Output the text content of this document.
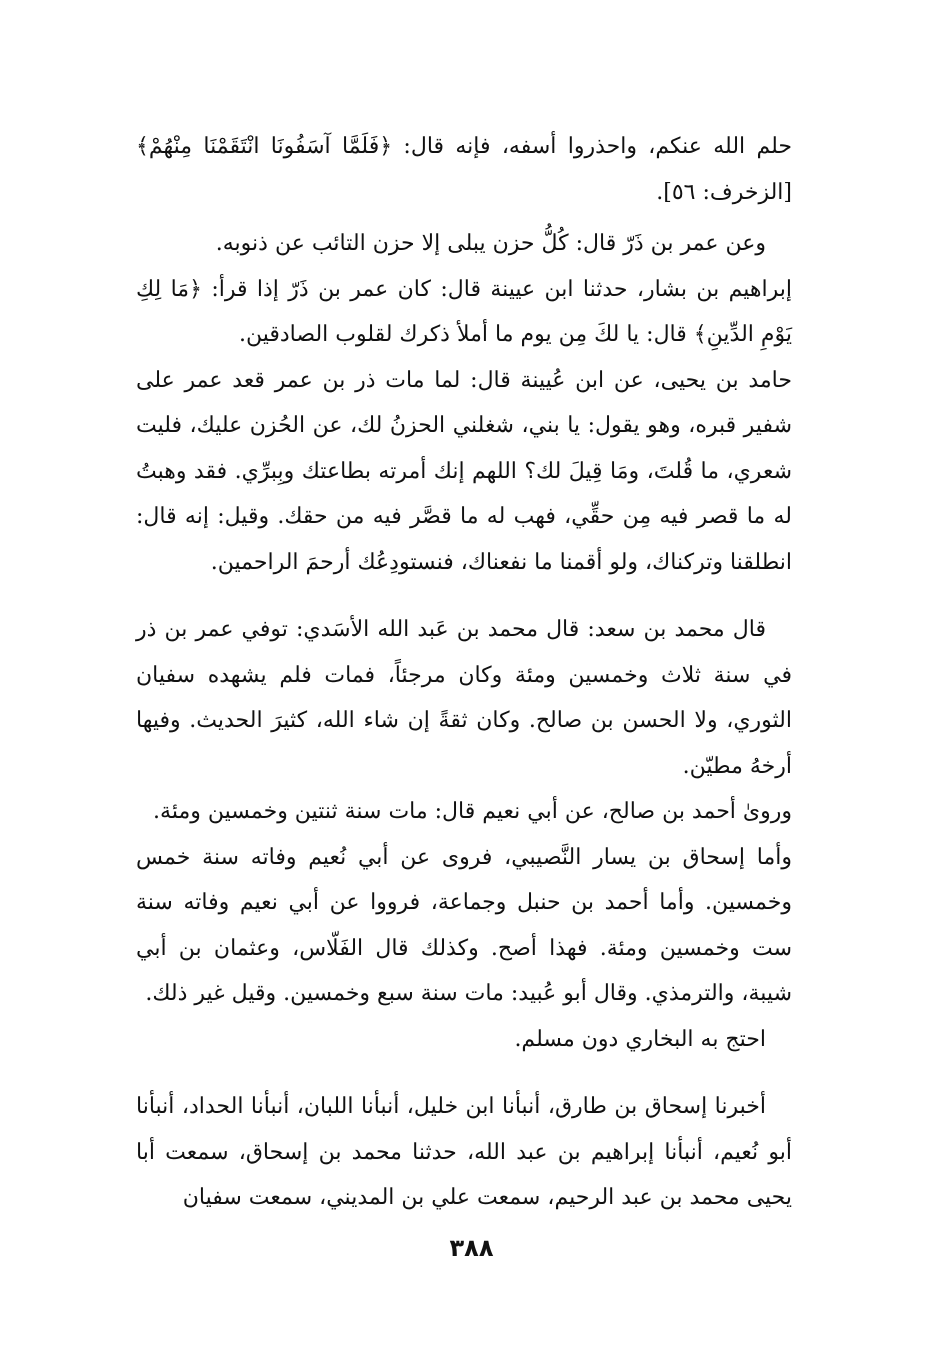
حلم الله عنكم، واحذروا أسفه، فإنه قال: ﴿فَلَمَّا آسَفُونَا انْتَقَمْنَا مِنْهُمْ﴾ [الزخرف: ٥٦].

وعن عمر بن ذَرّ قال: كُلُّ حزن يبلى إلا حزن التائب عن ذنوبه.

إبراهيم بن بشار، حدثنا ابن عيينة قال: كان عمر بن ذَرّ إذا قرأ: ﴿مَا لِكِ يَوْمِ الدِّينِ﴾ قال: يا لكَ مِن يوم ما أملأ ذكرك لقلوب الصادقين.

حامد بن يحيى، عن ابن عُيينة قال: لما مات ذر بن عمر قعد عمر على شفير قبره، وهو يقول: يا بني، شغلني الحزنُ لك، عن الحُزن عليك، فليت شعري، ما قُلتَ، ومَا قِيلَ لك؟ اللهم إنك أمرته بطاعتك وبِبرِّي. فقد وهبتُ له ما قصر فيه مِن حقِّي، فهب له ما قصَّر فيه من حقك. وقيل: إنه قال: انطلقنا وتركناك، ولو أقمنا ما نفعناك، فنستودِعُك أرحمَ الراحمين.

قال محمد بن سعد: قال محمد بن عَبد الله الأسَدي: توفي عمر بن ذر في سنة ثلاث وخمسين ومئة وكان مرجئاً، فمات فلم يشهده سفيان الثوري، ولا الحسن بن صالح. وكان ثقةً إن شاء الله، كثيرَ الحديث. وفيها أرخهُ مطيّن.

وروىٰ أحمد بن صالح، عن أبي نعيم قال: مات سنة ثنتين وخمسين ومئة.

وأما إسحاق بن يسار النَّصيبي، فروى عن أبي نُعيم وفاته سنة خمس وخمسين. وأما أحمد بن حنبل وجماعة، فرووا عن أبي نعيم وفاته سنة ست وخمسين ومئة. فهذا أصح. وكذلك قال الفَلّاس، وعثمان بن أبي شيبة، والترمذي. وقال أبو عُبيد: مات سنة سبع وخمسين. وقيل غير ذلك.

احتج به البخاري دون مسلم.

أخبرنا إسحاق بن طارق، أنبأنا ابن خليل، أنبأنا اللبان، أنبأنا الحداد، أنبأنا أبو نُعيم، أنبأنا إبراهيم بن عبد الله، حدثنا محمد بن إسحاق، سمعت أبا يحيى محمد بن عبد الرحيم، سمعت علي بن المديني، سمعت سفيان

٣٨٨
